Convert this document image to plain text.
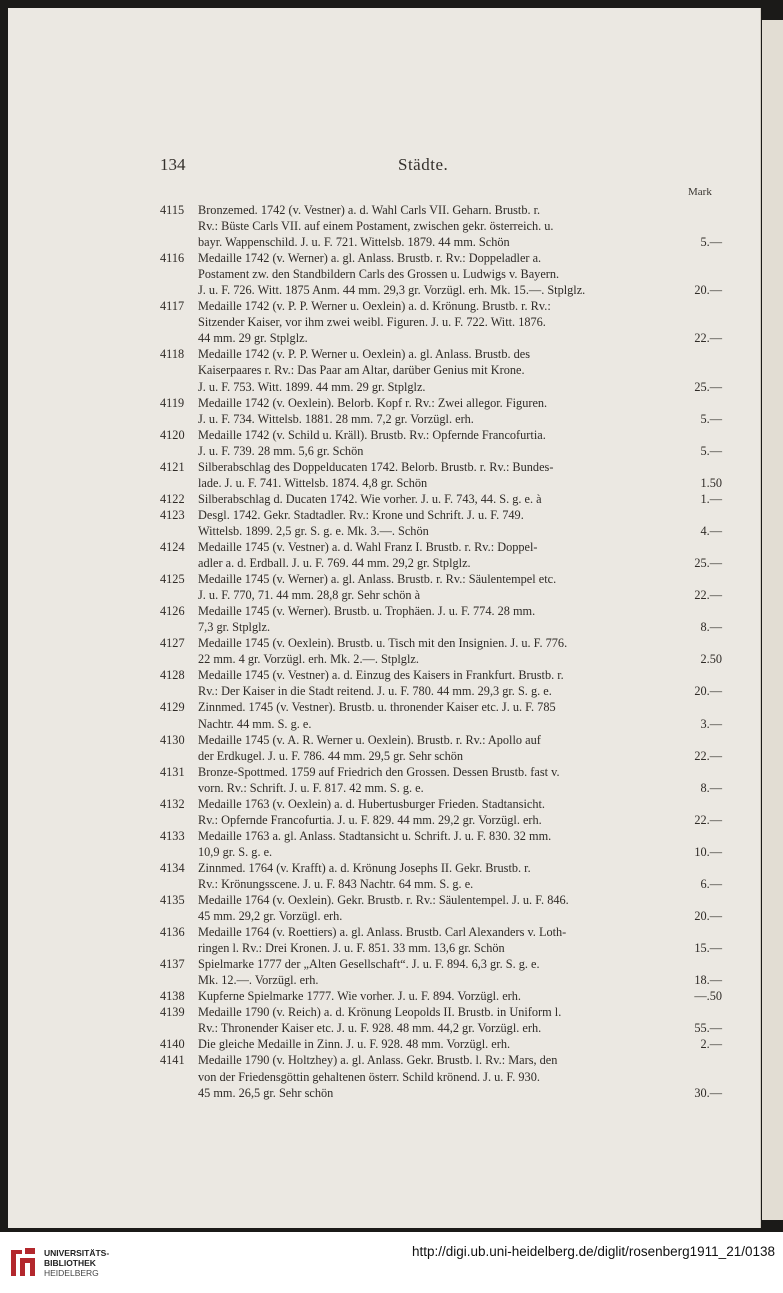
134	Städte.
Mark
4115 Bronzemed. 1742 (v. Vestner) a. d. Wahl Carls VII. Geharn. Brustb. r.
Rv.: Büste Carls VII. auf einem Postament, zwischen gekr. österreich. u.
bayr. Wappenschild. J. u. F. 721. Wittelsb. 1879. 44 mm. Schön	5.—
4116 Medaille 1742 (v. Werner) a. gl. Anlass. Brustb. r. Rv.: Doppeladler a.
Postament zw. den Standbildern Carls des Grossen u. Ludwigs v. Bayern.
J. u. F. 726. Witt. 1875 Anm. 44 mm. 29,3 gr. Vorzügl. erh. Mk. 15.—. Stplglz.	20.—
4117 Medaille 1742 (v. P. P. Werner u. Oexlein) a. d. Krönung. Brustb. r. Rv.:
Sitzender Kaiser, vor ihm zwei weibl. Figuren. J. u. F. 722. Witt. 1876.
44 mm. 29 gr. Stplglz.	22.—
4118 Medaille 1742 (v. P. P. Werner u. Oexlein) a. gl. Anlass. Brustb. des
Kaiserpaares r. Rv.: Das Paar am Altar, darüber Genius mit Krone.
J. u. F. 753. Witt. 1899. 44 mm. 29 gr. Stplglz.	25.—
4119 Medaille 1742 (v. Oexlein). Belorb. Kopf r. Rv.: Zwei allegor. Figuren.
J. u. F. 734. Wittelsb. 1881. 28 mm. 7,2 gr. Vorzügl. erh.	5.—
4120 Medaille 1742 (v. Schild u. Kräll). Brustb. Rv.: Opfernde Francofurtia.
J. u. F. 739. 28 mm. 5,6 gr. Schön	5.—
4121 Silberabschlag des Doppelducaten 1742. Belorb. Brustb. r. Rv.: Bundes-
lade. J. u. F. 741. Wittelsb. 1874. 4,8 gr. Schön	1.50
4122 Silberabschlag d. Ducaten 1742. Wie vorher. J. u. F. 743, 44. S. g. e. à	1.—
4123 Desgl. 1742. Gekr. Stadtadler. Rv.: Krone und Schrift. J. u. F. 749.
Wittelsb. 1899. 2,5 gr. S. g. e. Mk. 3.—. Schön	4.—
4124 Medaille 1745 (v. Vestner) a. d. Wahl Franz I. Brustb. r. Rv.: Doppel-
adler a. d. Erdball. J. u. F. 769. 44 mm. 29,2 gr. Stplglz.	25.—
4125 Medaille 1745 (v. Werner) a. gl. Anlass. Brustb. r. Rv.: Säulentempel etc.
J. u. F. 770, 71. 44 mm. 28,8 gr. Sehr schön à	22.—
4126 Medaille 1745 (v. Werner). Brustb. u. Trophäen. J. u. F. 774. 28 mm.
7,3 gr. Stplglz.	8.—
4127 Medaille 1745 (v. Oexlein). Brustb. u. Tisch mit den Insignien. J. u. F. 776.
22 mm. 4 gr. Vorzügl. erh. Mk. 2.—. Stplglz.	2.50
4128 Medaille 1745 (v. Vestner) a. d. Einzug des Kaisers in Frankfurt. Brustb. r.
Rv.: Der Kaiser in die Stadt reitend. J. u. F. 780. 44 mm. 29,3 gr. S. g. e.	20.—
4129 Zinnmed. 1745 (v. Vestner). Brustb. u. thronender Kaiser etc. J. u. F. 785
Nachtr. 44 mm. S. g. e.	3.—
4130 Medaille 1745 (v. A. R. Werner u. Oexlein). Brustb. r. Rv.: Apollo auf
der Erdkugel. J. u. F. 786. 44 mm. 29,5 gr. Sehr schön	22.—
4131 Bronze-Spottmed. 1759 auf Friedrich den Grossen. Dessen Brustb. fast v.
vorn. Rv.: Schrift. J. u. F. 817. 42 mm. S. g. e.	8.—
4132 Medaille 1763 (v. Oexlein) a. d. Hubertusburger Frieden. Stadtansicht.
Rv.: Opfernde Francofurtia. J. u. F. 829. 44 mm. 29,2 gr. Vorzügl. erh.	22.—
4133 Medaille 1763 a. gl. Anlass. Stadtansicht u. Schrift. J. u. F. 830. 32 mm.
10,9 gr. S. g. e.	10.—
4134 Zinnmed. 1764 (v. Krafft) a. d. Krönung Josephs II. Gekr. Brustb. r.
Rv.: Krönungsscene. J. u. F. 843 Nachtr. 64 mm. S. g. e.	6.—
4135 Medaille 1764 (v. Oexlein). Gekr. Brustb. r. Rv.: Säulentempel. J. u. F. 846.
45 mm. 29,2 gr. Vorzügl. erh.	20.—
4136 Medaille 1764 (v. Roettiers) a. gl. Anlass. Brustb. Carl Alexanders v. Loth-
ringen l. Rv.: Drei Kronen. J. u. F. 851. 33 mm. 13,6 gr. Schön	15.—
4137 Spielmarke 1777 der „Alten Gesellschaft“. J. u. F. 894. 6,3 gr. S. g. e.
Mk. 12.—. Vorzügl. erh.	18.—
4138 Kupferne Spielmarke 1777. Wie vorher. J. u. F. 894. Vorzügl. erh.	—.50
4139 Medaille 1790 (v. Reich) a. d. Krönung Leopolds II. Brustb. in Uniform l.
Rv.: Thronender Kaiser etc. J. u. F. 928. 48 mm. 44,2 gr. Vorzügl. erh.	55.—
4140 Die gleiche Medaille in Zinn. J. u. F. 928. 48 mm. Vorzügl. erh.	2.—
4141 Medaille 1790 (v. Holtzhey) a. gl. Anlass. Gekr. Brustb. l. Rv.: Mars, den
von der Friedensgöttin gehaltenen österr. Schild krönend. J. u. F. 930.
45 mm. 26,5 gr. Sehr schön	30.—
UNIVERSITÄTS-
BIBLIOTHEK
HEIDELBERG
http://digi.ub.uni-heidelberg.de/diglit/rosenberg1911_21/0138
